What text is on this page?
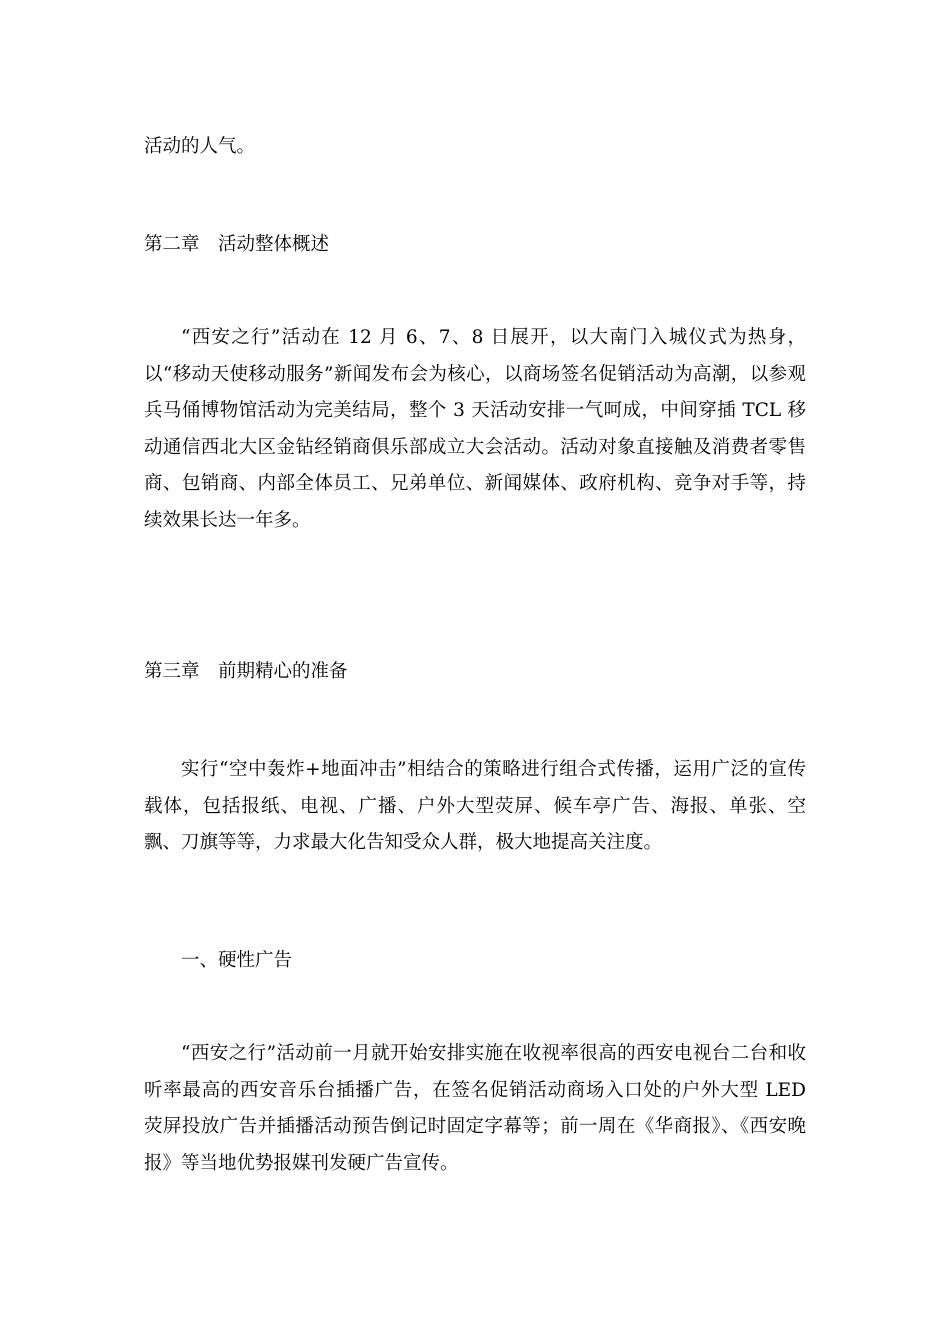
活动的人气。

第二章　活动整体概述

“西安之行”活动在 12 月 6、7、8 日展开，以大南门入城仪式为热身，以“移动天使移动服务”新闻发布会为核心，以商场签名促销活动为高潮，以参观兵马俑博物馆活动为完美结局，整个 3 天活动安排一气呵成，中间穿插 TCL 移动通信西北大区金钻经销商俱乐部成立大会活动。活动对象直接触及消费者零售商、包销商、内部全体员工、兄弟单位、新闻媒体、政府机构、竞争对手等，持续效果长达一年多。

第三章　前期精心的准备

实行“空中轰炸+地面冲击”相结合的策略进行组合式传播，运用广泛的宣传载体，包括报纸、电视、广播、户外大型荧屏、候车亭广告、海报、单张、空飘、刀旗等等，力求最大化告知受众人群，极大地提高关注度。

一、硬性广告

“西安之行”活动前一月就开始安排实施在收视率很高的西安电视台二台和收听率最高的西安音乐台插播广告，在签名促销活动商场入口处的户外大型 LED 荧屏投放广告并插播活动预告倒记时固定字幕等；前一周在《华商报》、《西安晚报》等当地优势报媒刊发硬广告宣传。
